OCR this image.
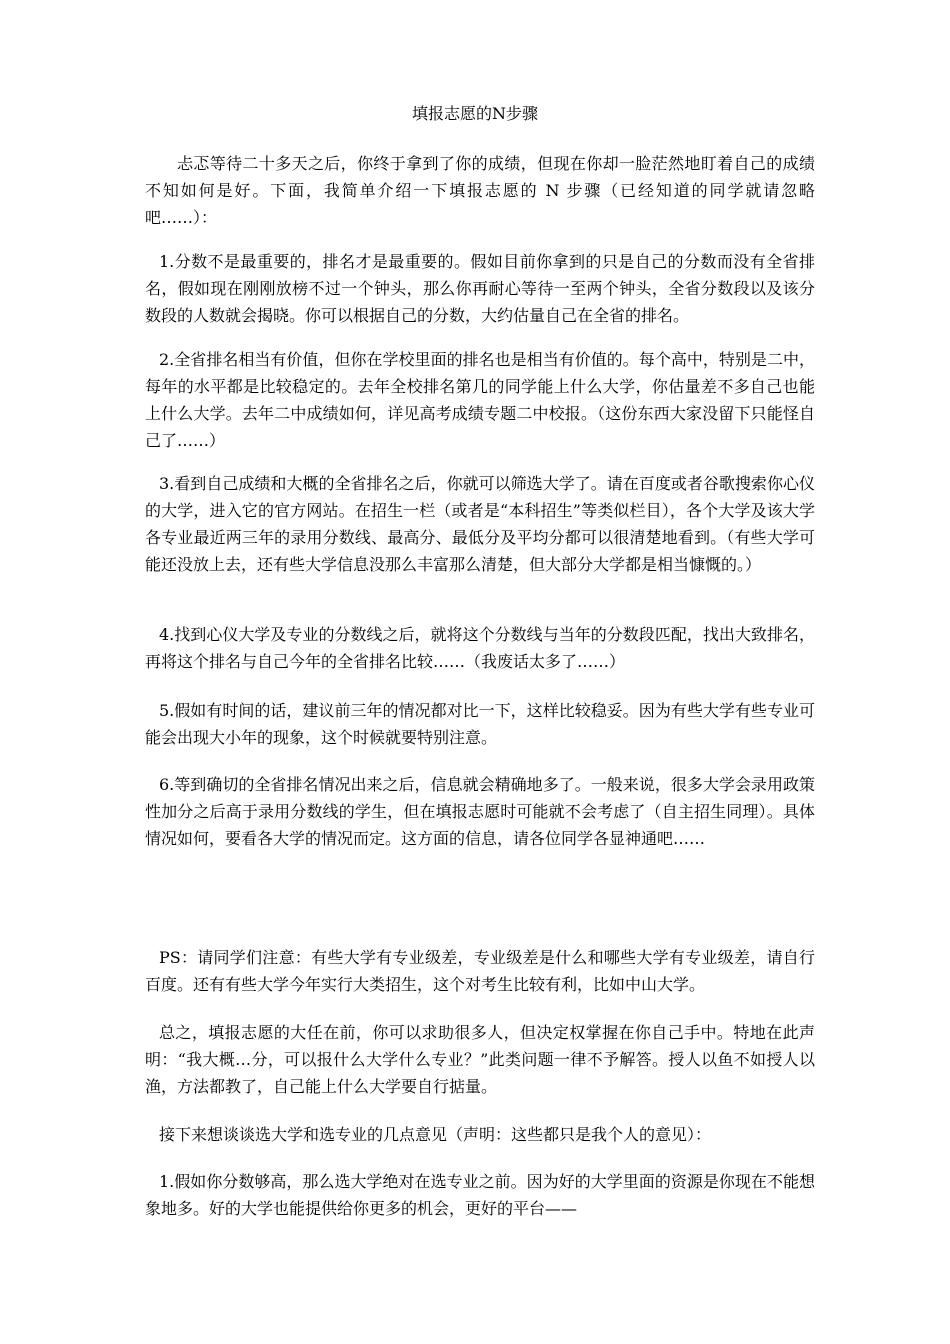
填报志愿的N步骤

忐忑等待二十多天之后，你终于拿到了你的成绩，但现在你却一脸茫然地盯着自己的成绩不知如何是好。下面，我简单介绍一下填报志愿的 N 步骤（已经知道的同学就请忽略吧……）：

1.分数不是最重要的，排名才是最重要的。假如目前你拿到的只是自己的分数而没有全省排名，假如现在刚刚放榜不过一个钟头，那么你再耐心等待一至两个钟头，全省分数段以及该分数段的人数就会揭晓。你可以根据自己的分数，大约估量自己在全省的排名。

2.全省排名相当有价值，但你在学校里面的排名也是相当有价值的。每个高中，特别是二中，每年的水平都是比较稳定的。去年全校排名第几的同学能上什么大学，你估量差不多自己也能上什么大学。去年二中成绩如何，详见高考成绩专题二中校报。（这份东西大家没留下只能怪自己了……）

3.看到自己成绩和大概的全省排名之后，你就可以筛选大学了。请在百度或者谷歌搜索你心仪的大学，进入它的官方网站。在招生一栏（或者是“本科招生”等类似栏目），各个大学及该大学各专业最近两三年的录用分数线、最高分、最低分及平均分都可以很清楚地看到。（有些大学可能还没放上去，还有些大学信息没那么丰富那么清楚，但大部分大学都是相当慷慨的。）

4.找到心仪大学及专业的分数线之后，就将这个分数线与当年的分数段匹配，找出大致排名，再将这个排名与自己今年的全省排名比较……（我废话太多了……）

5.假如有时间的话，建议前三年的情况都对比一下，这样比较稳妥。因为有些大学有些专业可能会出现大小年的现象，这个时候就要特别注意。

6.等到确切的全省排名情况出来之后，信息就会精确地多了。一般来说，很多大学会录用政策性加分之后高于录用分数线的学生，但在填报志愿时可能就不会考虑了（自主招生同理）。具体情况如何，要看各大学的情况而定。这方面的信息，请各位同学各显神通吧……

PS：请同学们注意：有些大学有专业级差，专业级差是什么和哪些大学有专业级差，请自行百度。还有有些大学今年实行大类招生，这个对考生比较有利，比如中山大学。

总之，填报志愿的大任在前，你可以求助很多人，但决定权掌握在你自己手中。特地在此声明：“我大概…分，可以报什么大学什么专业？”此类问题一律不予解答。授人以鱼不如授人以渔，方法都教了，自己能上什么大学要自行掂量。

接下来想谈谈选大学和选专业的几点意见（声明：这些都只是我个人的意见）：

1.假如你分数够高，那么选大学绝对在选专业之前。因为好的大学里面的资源是你现在不能想象地多。好的大学也能提供给你更多的机会，更好的平台——
